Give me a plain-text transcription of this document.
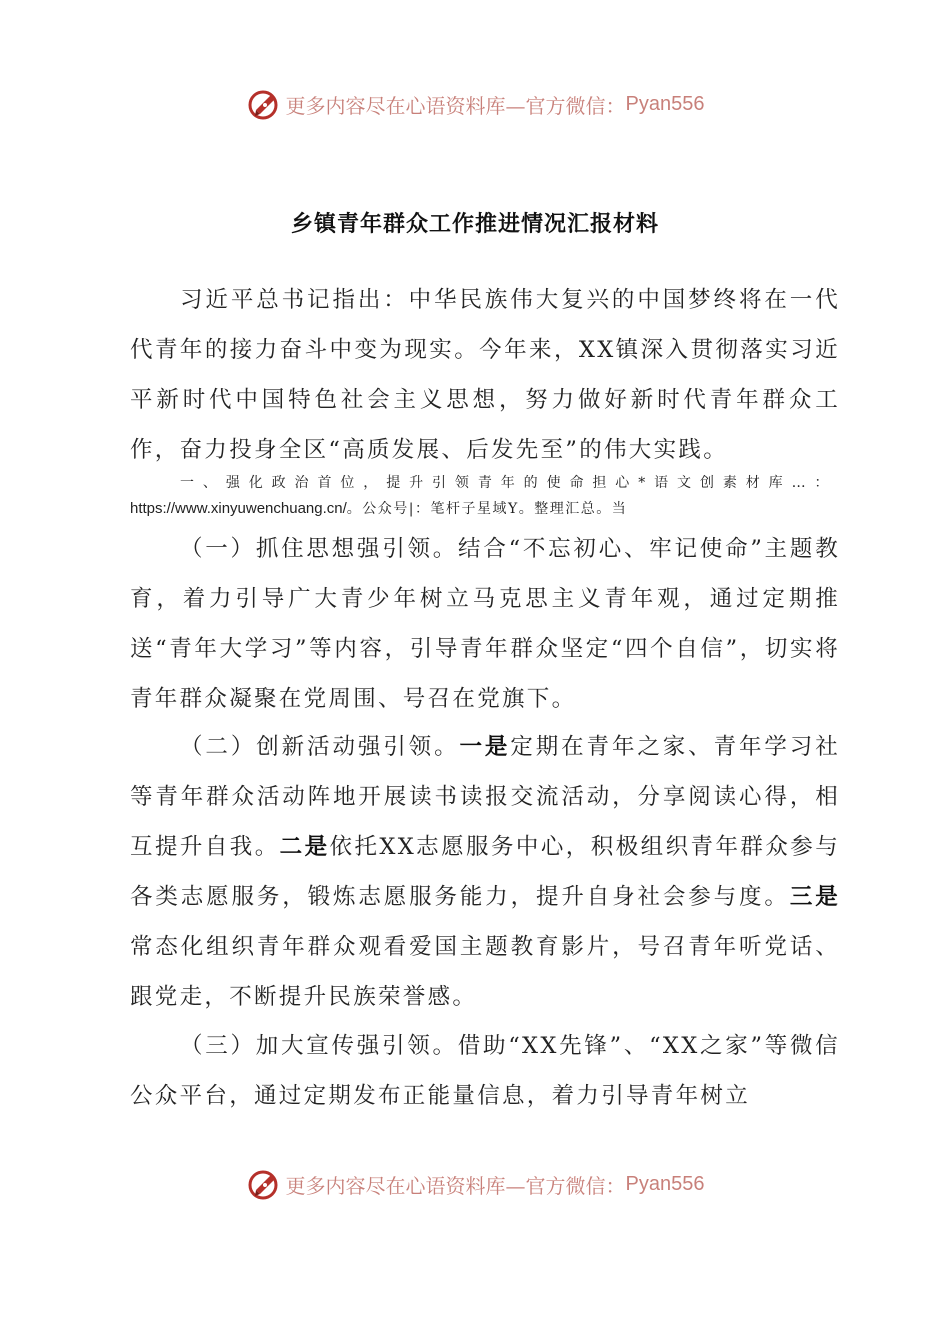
更多内容尽在心语资料库—官方微信： Pyan556
乡镇青年群众工作推进情况汇报材料
习近平总书记指出：中华民族伟大复兴的中国梦终将在一代代青年的接力奋斗中变为现实。今年来，XX镇深入贯彻落实习近平新时代中国特色社会主义思想，努力做好新时代青年群众工作，奋力投身全区“高质发展、后发先至”的伟大实践。
一、强化政治首位，提升引领青年的使命担心*语文创素材库…：https://www.xinyuwenchuang.cn/。公众号|：笔杆子星域Y。整理汇总。当
（一）抓住思想强引领。结合“不忘初心、牢记使命”主题教育，着力引导广大青少年树立马克思主义青年观，通过定期推送“青年大学习”等内容，引导青年群众坚定“四个自信”，切实将青年群众凝聚在党周围、号召在党旗下。
（二）创新活动强引领。一是定期在青年之家、青年学习社等青年群众活动阵地开展读书读报交流活动，分享阅读心得，相互提升自我。二是依托XX志愿服务中心，积极组织青年群众参与各类志愿服务，锻炼志愿服务能力，提升自身社会参与度。三是常态化组织青年群众观看爱国主题教育影片，号召青年听党话、跟党走，不断提升民族荣誉感。
（三）加大宣传强引领。借助“XX先锋”、“XX之家”等微信公众平台，通过定期发布正能量信息，着力引导青年树立
更多内容尽在心语资料库—官方微信： Pyan556
